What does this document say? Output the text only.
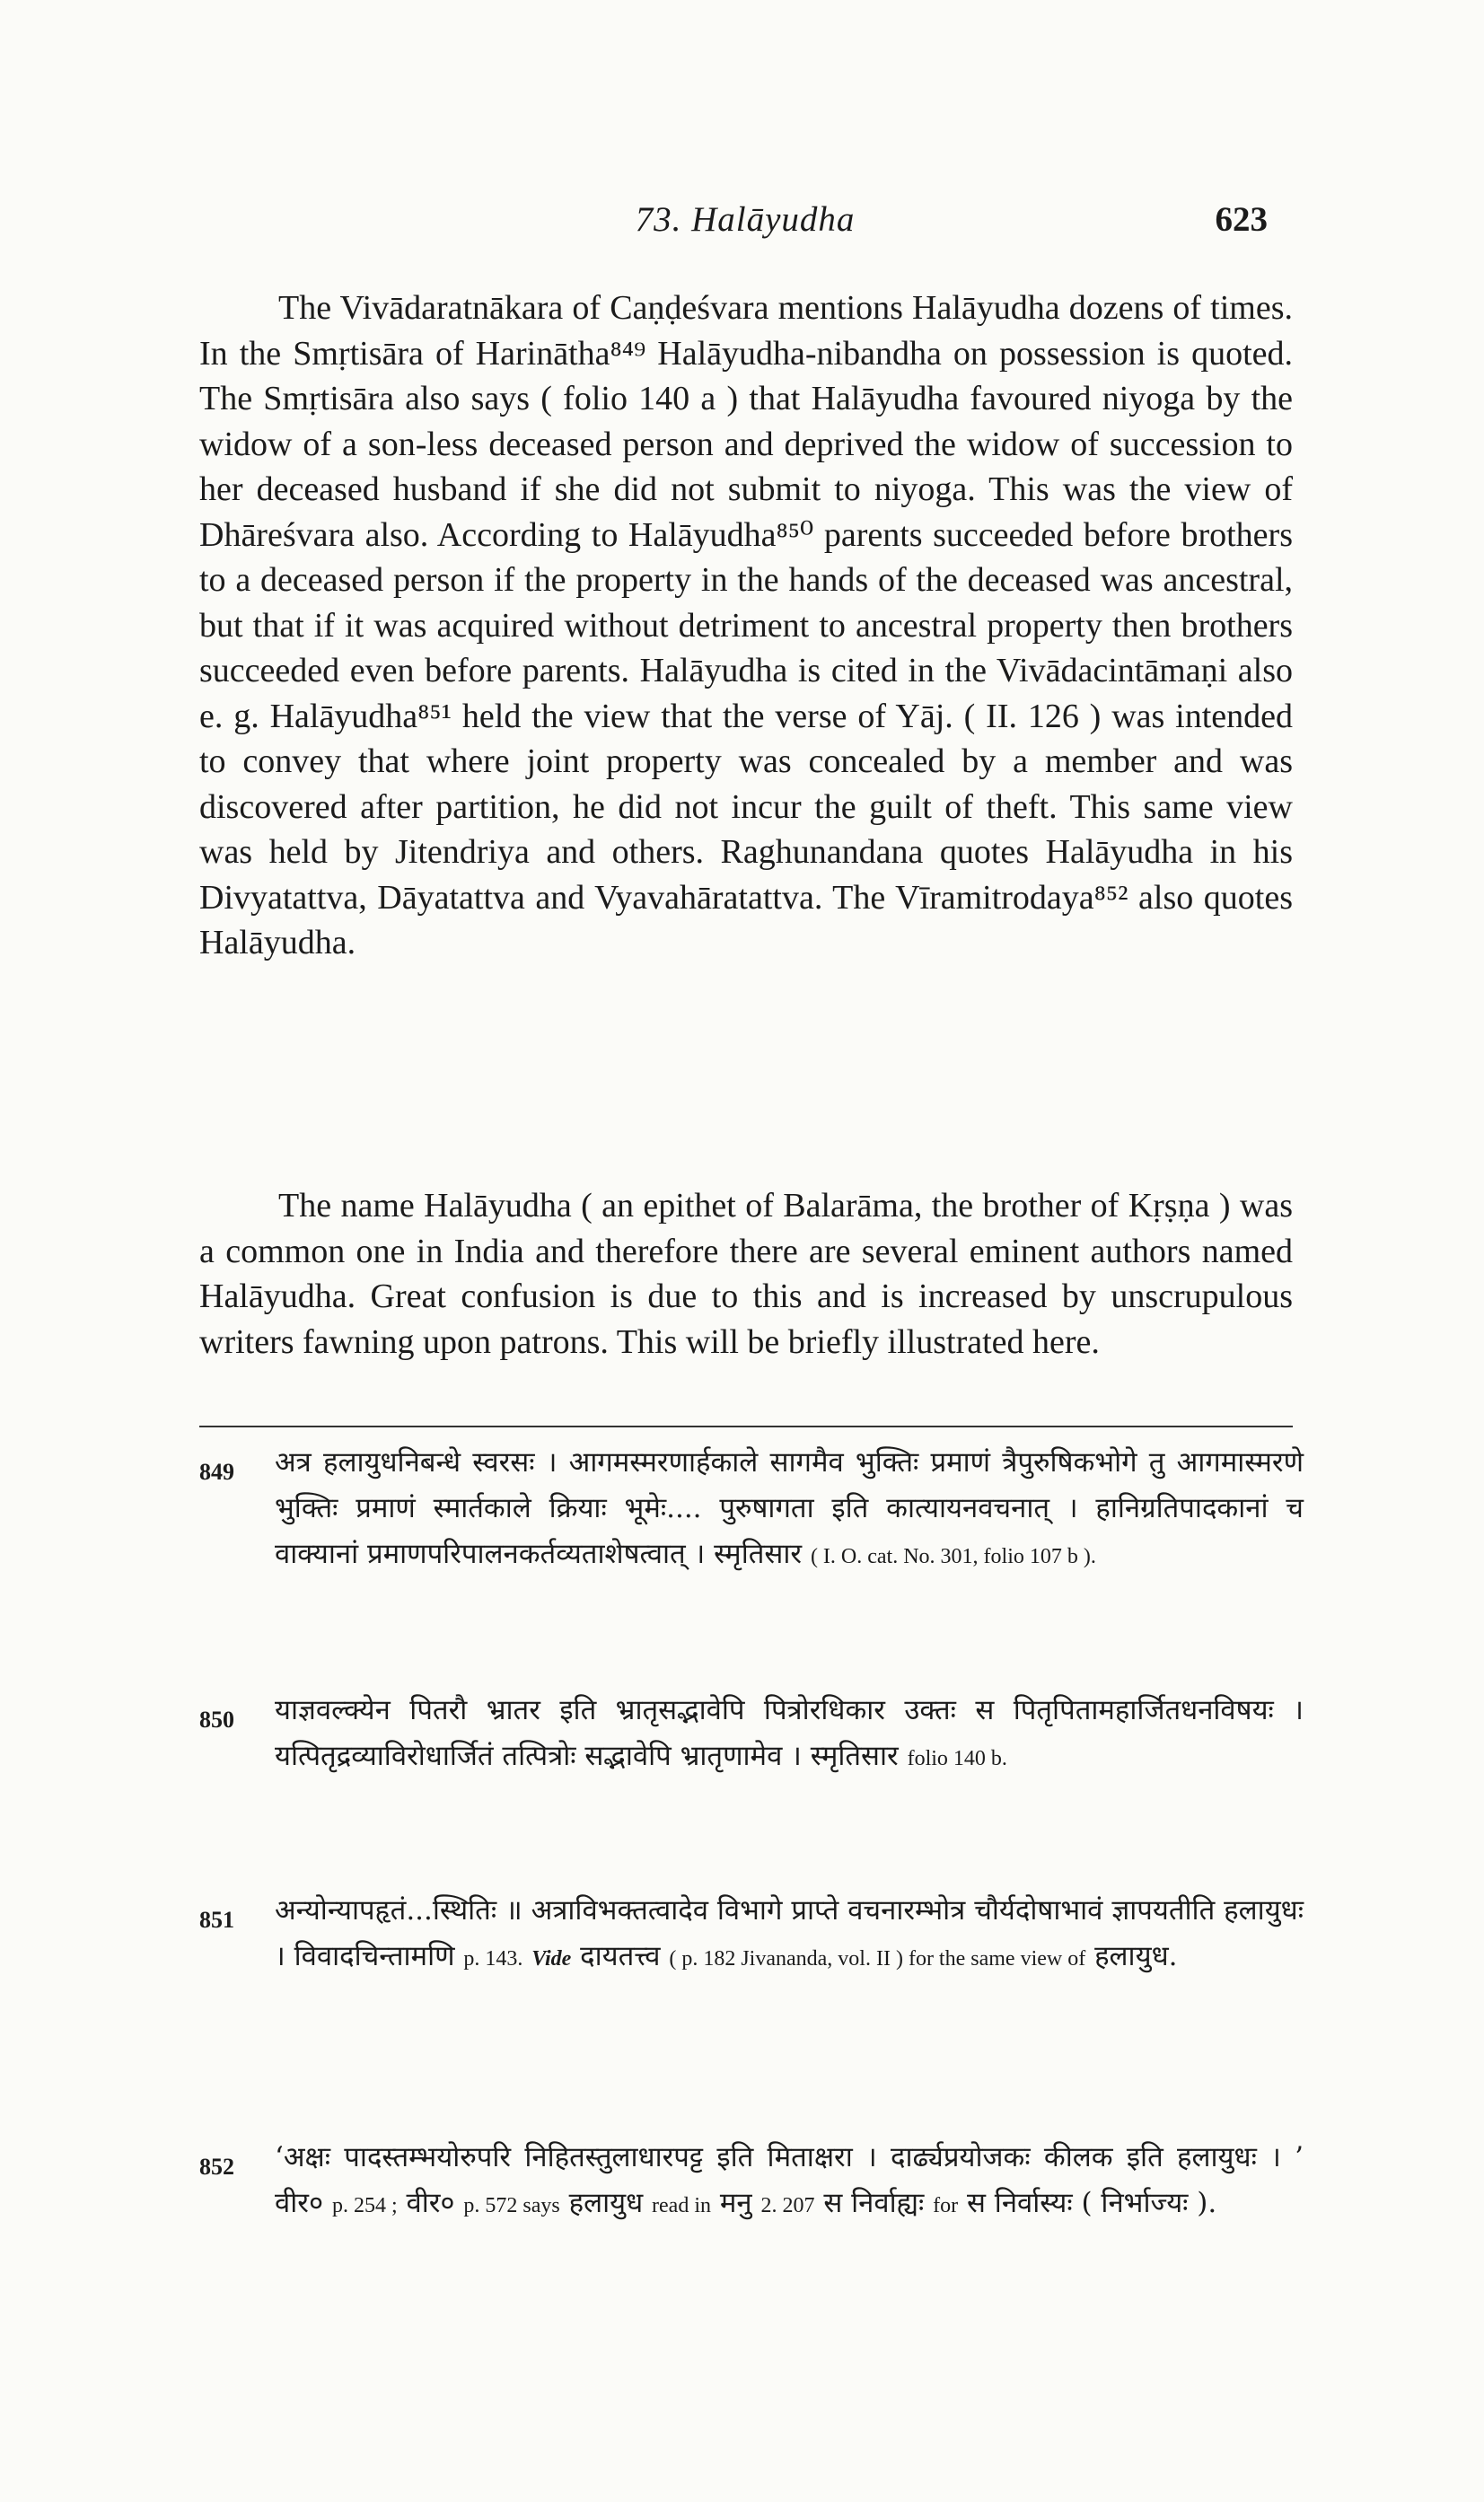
73. Halāyudha	623

The Vivādaratnākara of Caṇḍeśvara mentions Halāyudha dozens of times. In the Smṛtisāra of Harinātha⁸⁴⁹ Halāyudha-nibandha on possession is quoted. The Smṛtisāra also says ( folio 140 a ) that Halāyudha favoured niyoga by the widow of a son-less deceased person and deprived the widow of succession to her deceased husband if she did not submit to niyoga. This was the view of Dhāreśvara also. According to Halāyudha⁸⁵⁰ parents succeeded before brothers to a deceased person if the property in the hands of the deceased was ancestral, but that if it was acquired without detriment to ancestral property then brothers succeeded even before parents. Halāyudha is cited in the Vivādacintāmaṇi also e. g. Halāyudha⁸⁵¹ held the view that the verse of Yāj. ( II. 126 ) was intended to convey that where joint property was concealed by a member and was discovered after partition, he did not incur the guilt of theft. This same view was held by Jitendriya and others. Raghunandana quotes Halāyudha in his Divyatattva, Dāyatattva and Vyavahāratattva. The Vīramitrodaya⁸⁵² also quotes Halāyudha.

The name Halāyudha ( an epithet of Balarāma, the brother of Kṛṣṇa ) was a common one in India and therefore there are several eminent authors named Halāyudha. Great confusion is due to this and is increased by unscrupulous writers fawning upon patrons. This will be briefly illustrated here.

849 अत्र हलायुधनिबन्धे स्वरसः । आगमस्मरणार्हकाले सागमैव भुक्तिः प्रमाणं त्रैपुरुषिकभोगे तु आगमास्मरणे भुक्तिः प्रमाणं स्मार्तकाले क्रियाः भूमेः.... पुरुषागता इति कात्यायनवचनात् । हानिग्रतिपादकानां च वाक्यानां प्रमाणपरिपालनकर्तव्यताशेषत्वात् । स्मृतिसार ( I. O. cat. No. 301, folio 107 b ).
850 याज्ञवल्क्येन पितरौ भ्रातर इति भ्रातृसद्भावेपि पित्रोरधिकार उक्तः स पितृपितामहार्जितधनविषयः । यत्पितृद्रव्याविरोधार्जितं तत्पित्रोः सद्भावेपि भ्रातृणामेव । स्मृतिसार folio 140 b.
851 अन्योन्यापहृतं...स्थितिः ॥ अत्राविभक्तत्वादेव विभागे प्राप्ते वचनारम्भोत्र चौर्यदोषाभावं ज्ञापयतीति हलायुधः । विवादचिन्तामणि p. 143. Vide दायतत्त्व ( p. 182 Jivananda, vol. II ) for the same view of हलायुध.
852 ‘अक्षः पादस्तम्भयोरुपरि निहितस्तुलाधारपट्ट इति मिताक्षरा । दार्ढ्यप्रयोजकः कीलक इति हलायुधः । ’ वीर० p. 254 ; वीर० p. 572 says हलायुध read in मनु 2. 207 स निर्वाह्यः for स निर्वास्यः ( निर्भाज्यः ).
